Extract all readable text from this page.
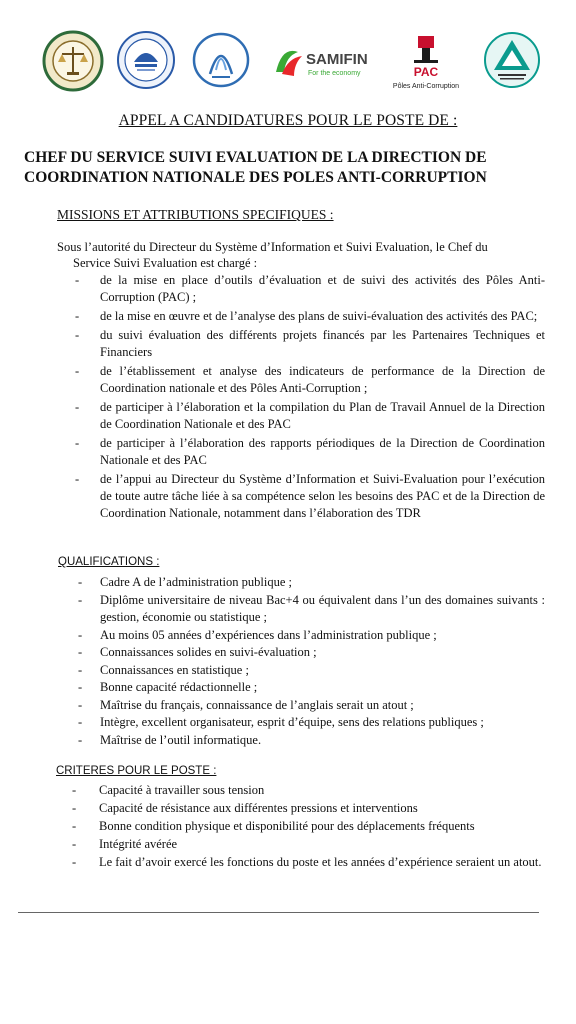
SAMIFIN
For the economy	PAC
Pôles Anti-Corruption
APPEL A CANDIDATURES POUR LE POSTE DE :
CHEF DU SERVICE SUIVI EVALUATION DE LA DIRECTION DE COORDINATION NATIONALE DES POLES ANTI-CORRUPTION
MISSIONS ET ATTRIBUTIONS SPECIFIQUES :
Sous l’autorité du Directeur du Système d’Information et Suivi Evaluation, le Chef du
Service Suivi Evaluation est chargé :
- de la mise en place d’outils d’évaluation et de suivi des activités des Pôles Anti-Corruption (PAC) ;
- de la mise en œuvre et de l’analyse des plans de suivi-évaluation des activités des PAC;
- du suivi évaluation des différents projets financés par les Partenaires Techniques et Financiers
- de l’établissement et analyse des indicateurs de performance de la Direction de Coordination nationale et des Pôles Anti-Corruption ;
- de participer à l’élaboration et la compilation du Plan de Travail Annuel de la Direction de Coordination Nationale et des PAC
- de participer à l’élaboration des rapports périodiques de la Direction de Coordination Nationale et des PAC
- de l’appui au Directeur du Système d’Information et Suivi-Evaluation pour l’exécution de toute autre tâche liée à sa compétence selon les besoins des PAC et de la Direction de Coordination Nationale, notamment dans l’élaboration des TDR
QUALIFICATIONS :
- Cadre A de l’administration publique ;
- Diplôme universitaire de niveau Bac+4 ou équivalent dans l’un des domaines suivants : gestion, économie ou statistique ;
- Au moins 05 années d’expériences dans l’administration publique ;
- Connaissances solides en suivi-évaluation ;
- Connaissances en statistique ;
- Bonne capacité rédactionnelle ;
- Maîtrise du français, connaissance de l’anglais serait un atout ;
- Intègre, excellent organisateur, esprit d’équipe, sens des relations publiques ;
- Maîtrise de l’outil informatique.
CRITERES POUR LE POSTE :
- Capacité à travailler sous tension
- Capacité de résistance aux différentes pressions et interventions
- Bonne condition physique et disponibilité pour des déplacements fréquents
- Intégrité avérée
- Le fait d’avoir exercé les fonctions du poste et les années d’expérience seraient un atout.
